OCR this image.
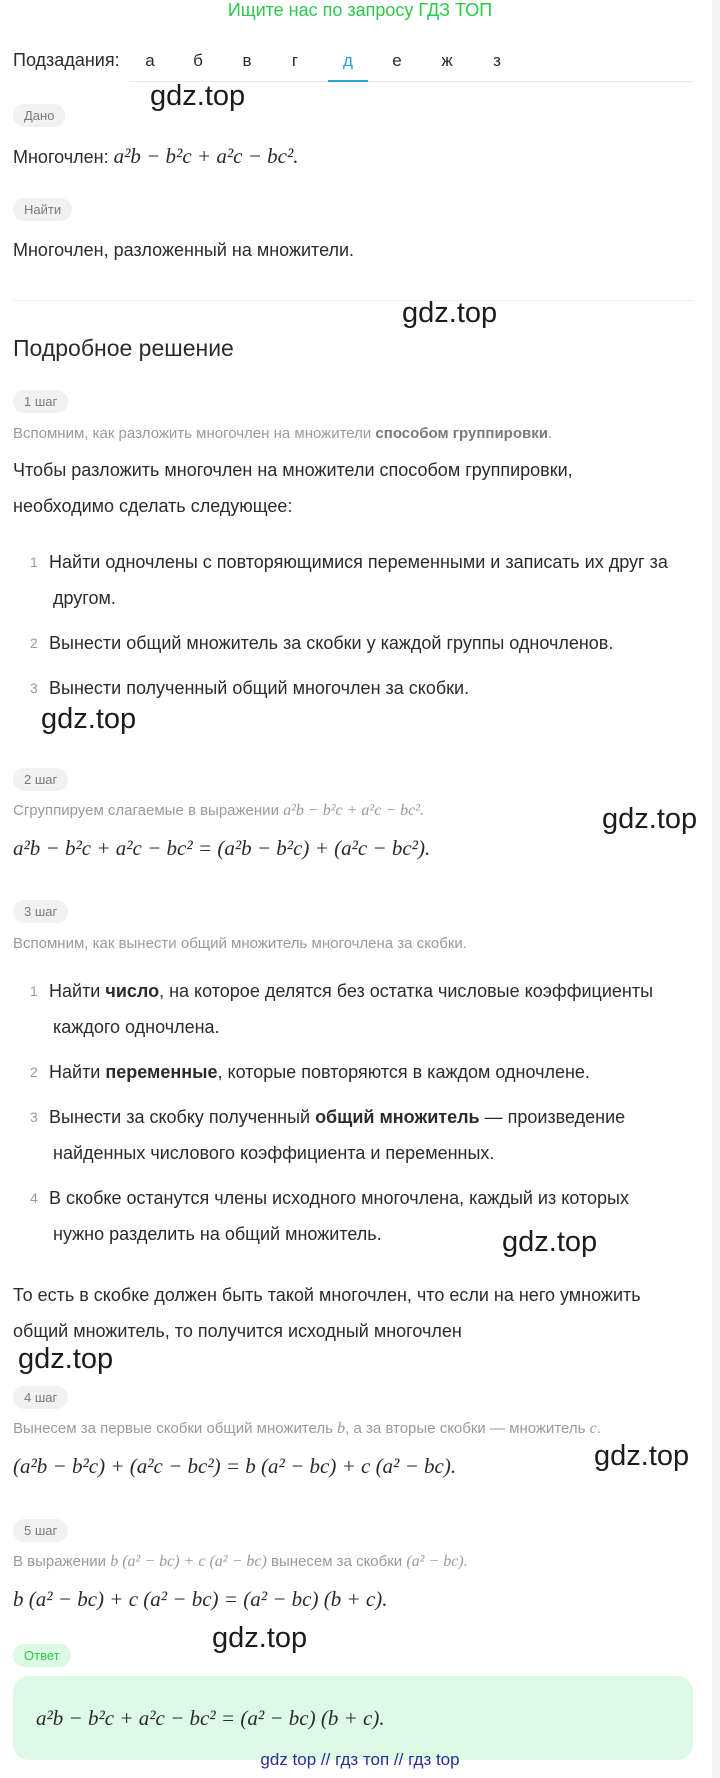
Ищите нас по запросу ГДЗ ТОП
Подзадания:	а	б	в	г	д	е	ж	з
Дано
Многочлен: a²b − b²c + a²c − bc².
Найти
Многочлен, разложенный на множители.
Подробное решение
1 шаг
Вспомним, как разложить многочлен на множители способом группировки.
Чтобы разложить многочлен на множители способом группировки,
необходимо сделать следующее:
1 Найти одночлены с повторяющимися переменными и записать их друг за
другом.
2 Вынести общий множитель за скобки у каждой группы одночленов.
3 Вынести полученный общий многочлен за скобки.
2 шаг
Сгруппируем слагаемые в выражении a²b − b²c + a²c − bc².
a²b − b²c + a²c − bc² = (a²b − b²c) + (a²c − bc²).
3 шаг
Вспомним, как вынести общий множитель многочлена за скобки.
1 Найти число, на которое делятся без остатка числовые коэффициенты
каждого одночлена.
2 Найти переменные, которые повторяются в каждом одночлене.
3 Вынести за скобку полученный общий множитель — произведение
найденных числового коэффициента и переменных.
4 В скобке останутся члены исходного многочлена, каждый из которых
нужно разделить на общий множитель.
То есть в скобке должен быть такой многочлен, что если на него умножить
общий множитель, то получится исходный многочлен
4 шаг
Вынесем за первые скобки общий множитель b, а за вторые скобки — множитель c.
(a²b − b²c) + (a²c − bc²) = b (a² − bc) + c (a² − bc).
5 шаг
В выражении b (a² − bc) + c (a² − bc) вынесем за скобки (a² − bc).
b (a² − bc) + c (a² − bc) = (a² − bc) (b + c).
Ответ
a²b − b²c + a²c − bc² = (a² − bc) (b + c).
gdz.top
gdz.top
gdz.top
gdz.top
gdz.top
gdz.top
gdz.top
gdz.top
gdz top // гдз топ // гдз top
